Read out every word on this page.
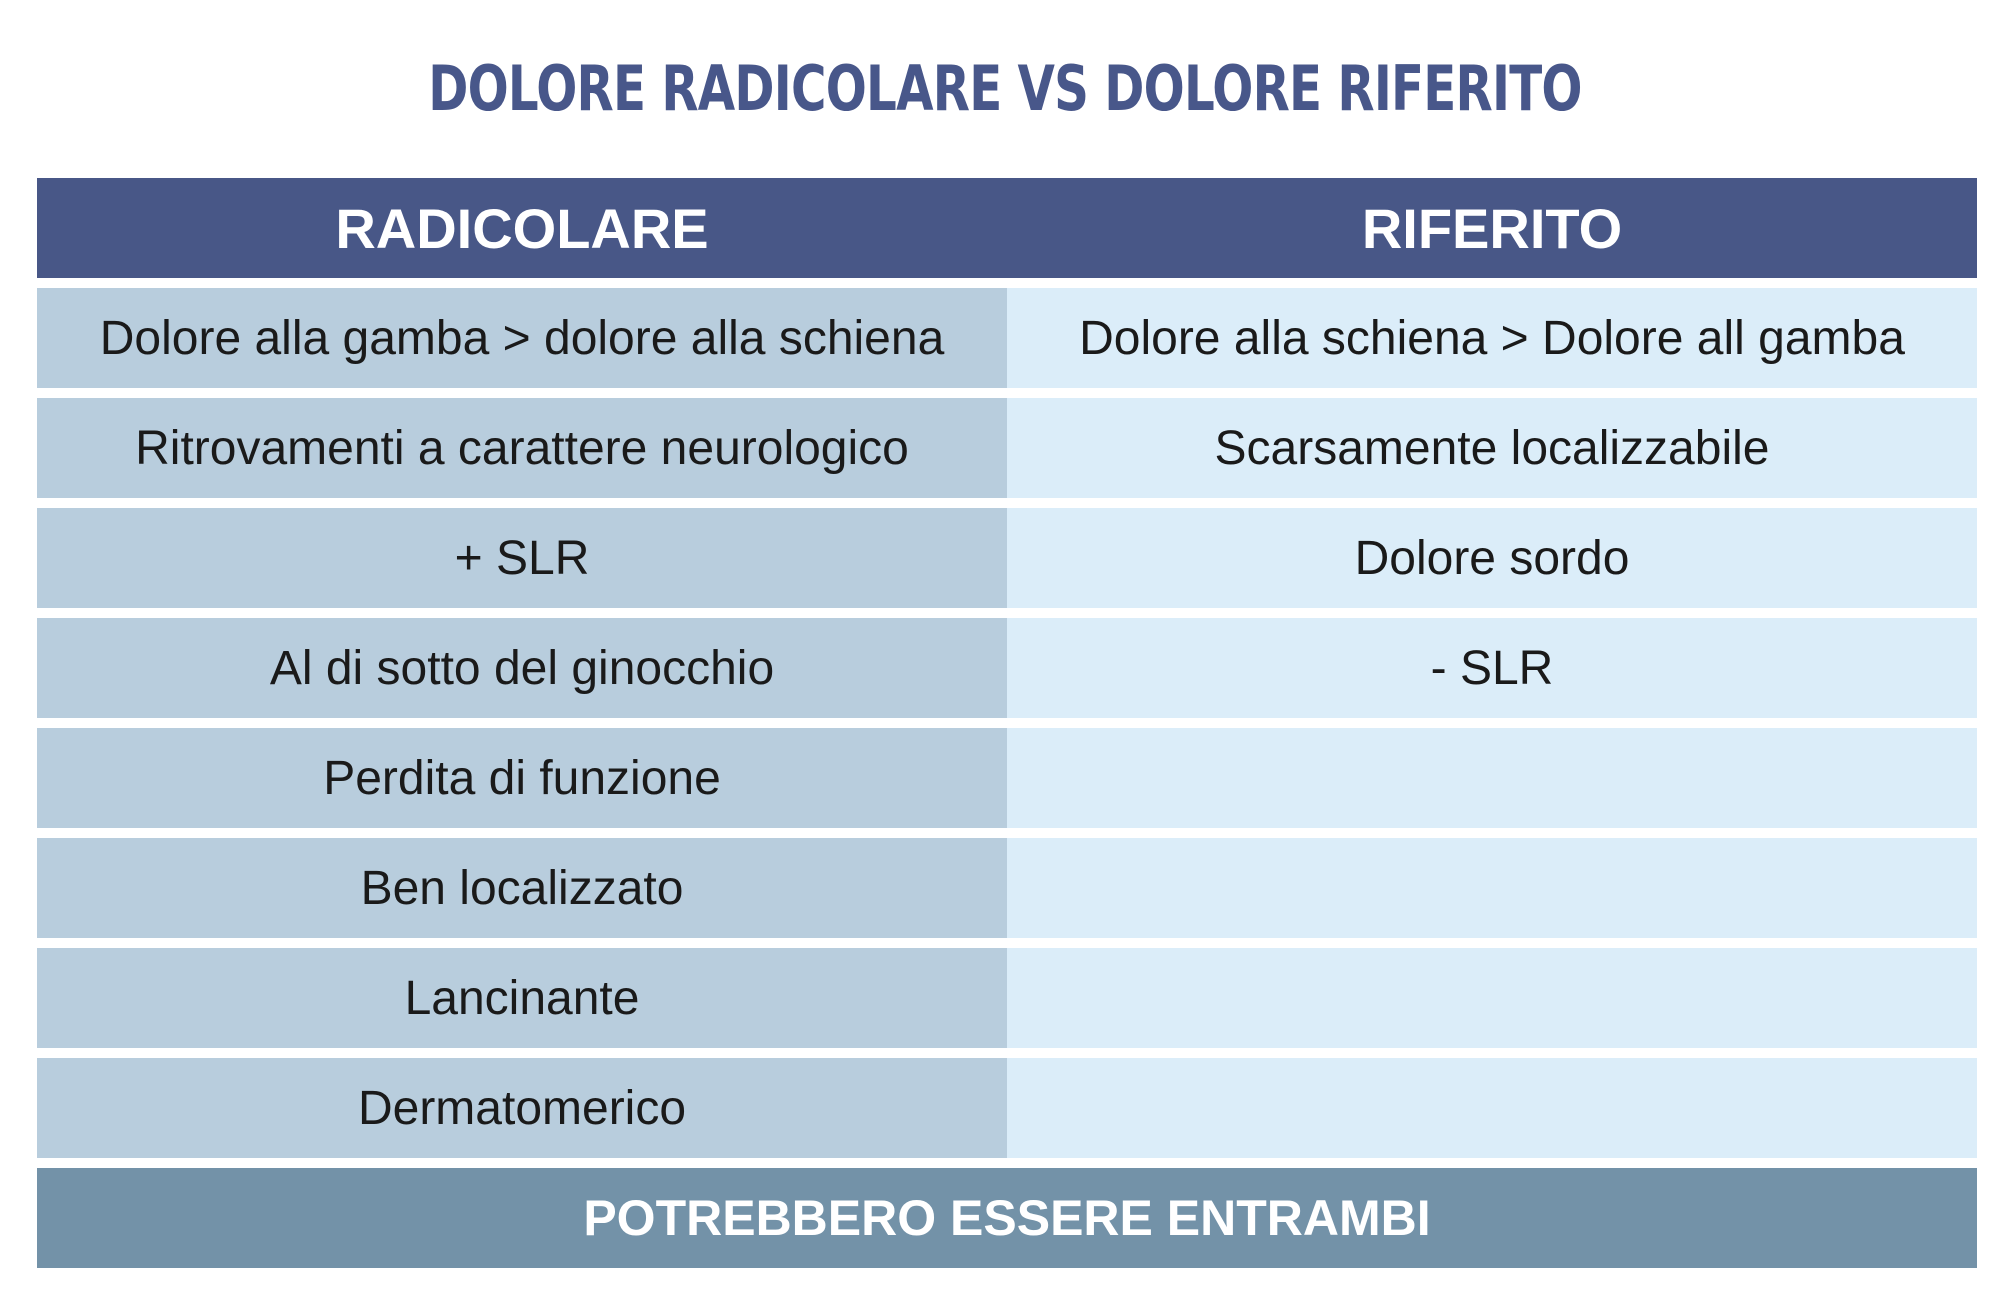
DOLORE RADICOLARE VS DOLORE RIFERITO
RADICOLARE	RIFERITO
Dolore alla gamba > dolore alla schiena	Dolore alla schiena > Dolore all gamba
Ritrovamenti a carattere neurologico	Scarsamente localizzabile
+ SLR	Dolore sordo
Al di sotto del ginocchio	- SLR
Perdita di funzione
Ben localizzato
Lancinante
Dermatomerico
POTREBBERO ESSERE ENTRAMBI
